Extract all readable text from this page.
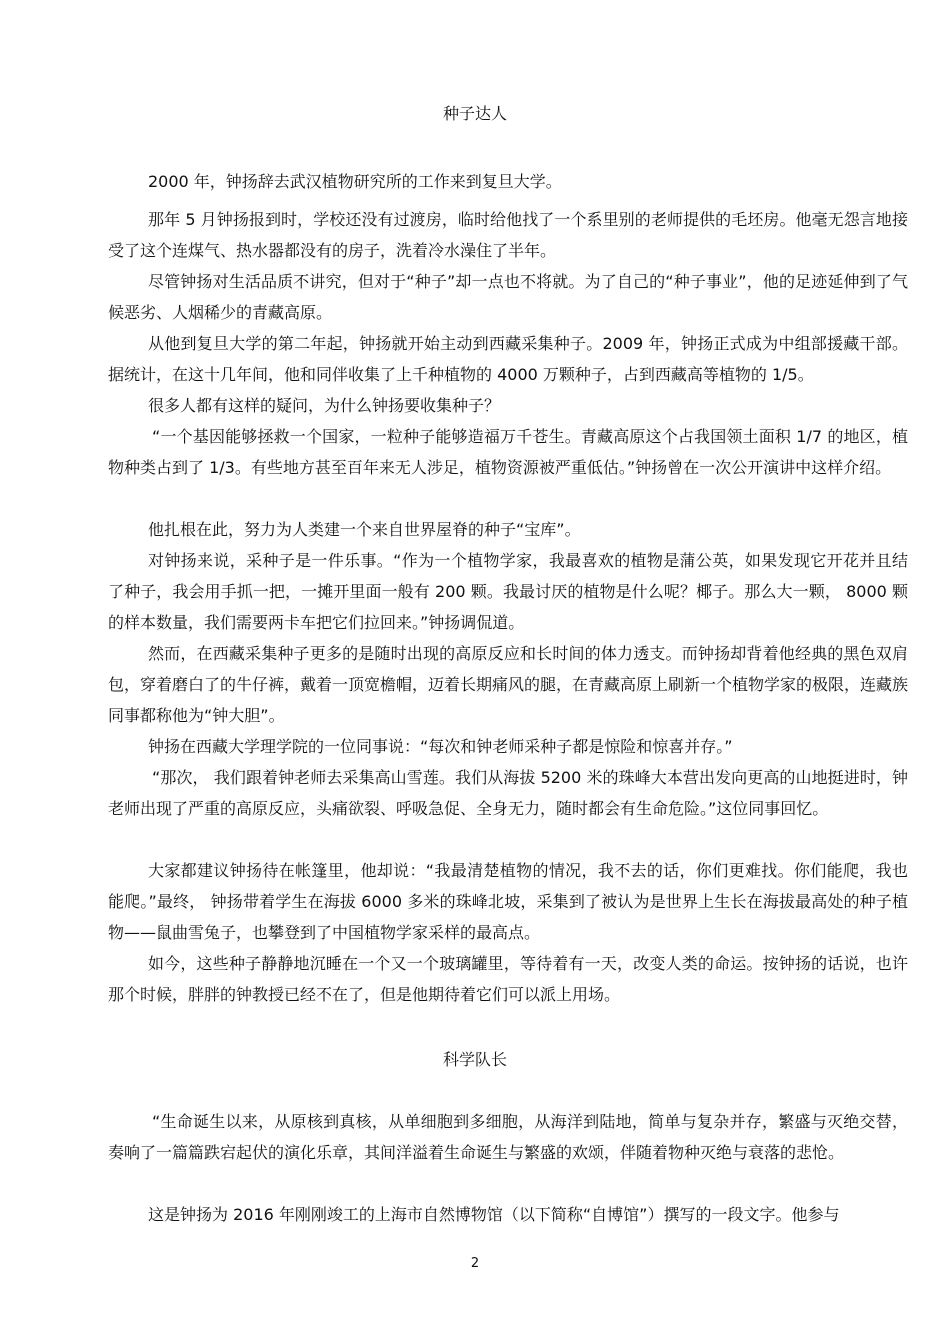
种子达人

2000 年，钟扬辞去武汉植物研究所的工作来到复旦大学。

那年 5 月钟扬报到时，学校还没有过渡房，临时给他找了一个系里别的老师提供的毛坯房。他毫无怨言地接受了这个连煤气、热水器都没有的房子，洗着冷水澡住了半年。

尽管钟扬对生活品质不讲究，但对于“种子”却一点也不将就。为了自己的“种子事业”，他的足迹延伸到了气候恶劣、人烟稀少的青藏高原。

从他到复旦大学的第二年起，钟扬就开始主动到西藏采集种子。2009 年，钟扬正式成为中组部援藏干部。据统计，在这十几年间，他和同伴收集了上千种植物的 4000 万颗种子，占到西藏高等植物的 1/5。

很多人都有这样的疑问，为什么钟扬要收集种子？

“一个基因能够拯救一个国家，一粒种子能够造福万千苍生。青藏高原这个占我国领土面积 1/7 的地区，植物种类占到了 1/3。有些地方甚至百年来无人涉足，植物资源被严重低估。”钟扬曾在一次公开演讲中这样介绍。

他扎根在此，努力为人类建一个来自世界屋脊的种子“宝库”。

对钟扬来说，采种子是一件乐事。“作为一个植物学家，我最喜欢的植物是蒲公英，如果发现它开花并且结了种子，我会用手抓一把，一摊开里面一般有 200 颗。我最讨厌的植物是什么呢？椰子。那么大一颗， 8000 颗的样本数量，我们需要两卡车把它们拉回来。”钟扬调侃道。

然而，在西藏采集种子更多的是随时出现的高原反应和长时间的体力透支。而钟扬却背着他经典的黑色双肩包，穿着磨白了的牛仔裤，戴着一顶宽檐帽，迈着长期痛风的腿，在青藏高原上刷新一个植物学家的极限，连藏族同事都称他为“钟大胆”。

钟扬在西藏大学理学院的一位同事说：“每次和钟老师采种子都是惊险和惊喜并存。”

“那次， 我们跟着钟老师去采集高山雪莲。我们从海拔 5200 米的珠峰大本营出发向更高的山地挺进时，钟老师出现了严重的高原反应，头痛欲裂、呼吸急促、全身无力，随时都会有生命危险。”这位同事回忆。

大家都建议钟扬待在帐篷里，他却说：“我最清楚植物的情况，我不去的话，你们更难找。你们能爬，我也能爬。”最终， 钟扬带着学生在海拔 6000 多米的珠峰北坡，采集到了被认为是世界上生长在海拔最高处的种子植物——鼠曲雪兔子，也攀登到了中国植物学家采样的最高点。

如今，这些种子静静地沉睡在一个又一个玻璃罐里，等待着有一天，改变人类的命运。按钟扬的话说，也许那个时候，胖胖的钟教授已经不在了，但是他期待着它们可以派上用场。

科学队长

“生命诞生以来，从原核到真核，从单细胞到多细胞，从海洋到陆地，简单与复杂并存，繁盛与灭绝交替，奏响了一篇篇跌宕起伏的演化乐章，其间洋溢着生命诞生与繁盛的欢颂，伴随着物种灭绝与衰落的悲怆。

这是钟扬为 2016 年刚刚竣工的上海市自然博物馆（以下简称“自博馆”）撰写的一段文字。他参与

2
